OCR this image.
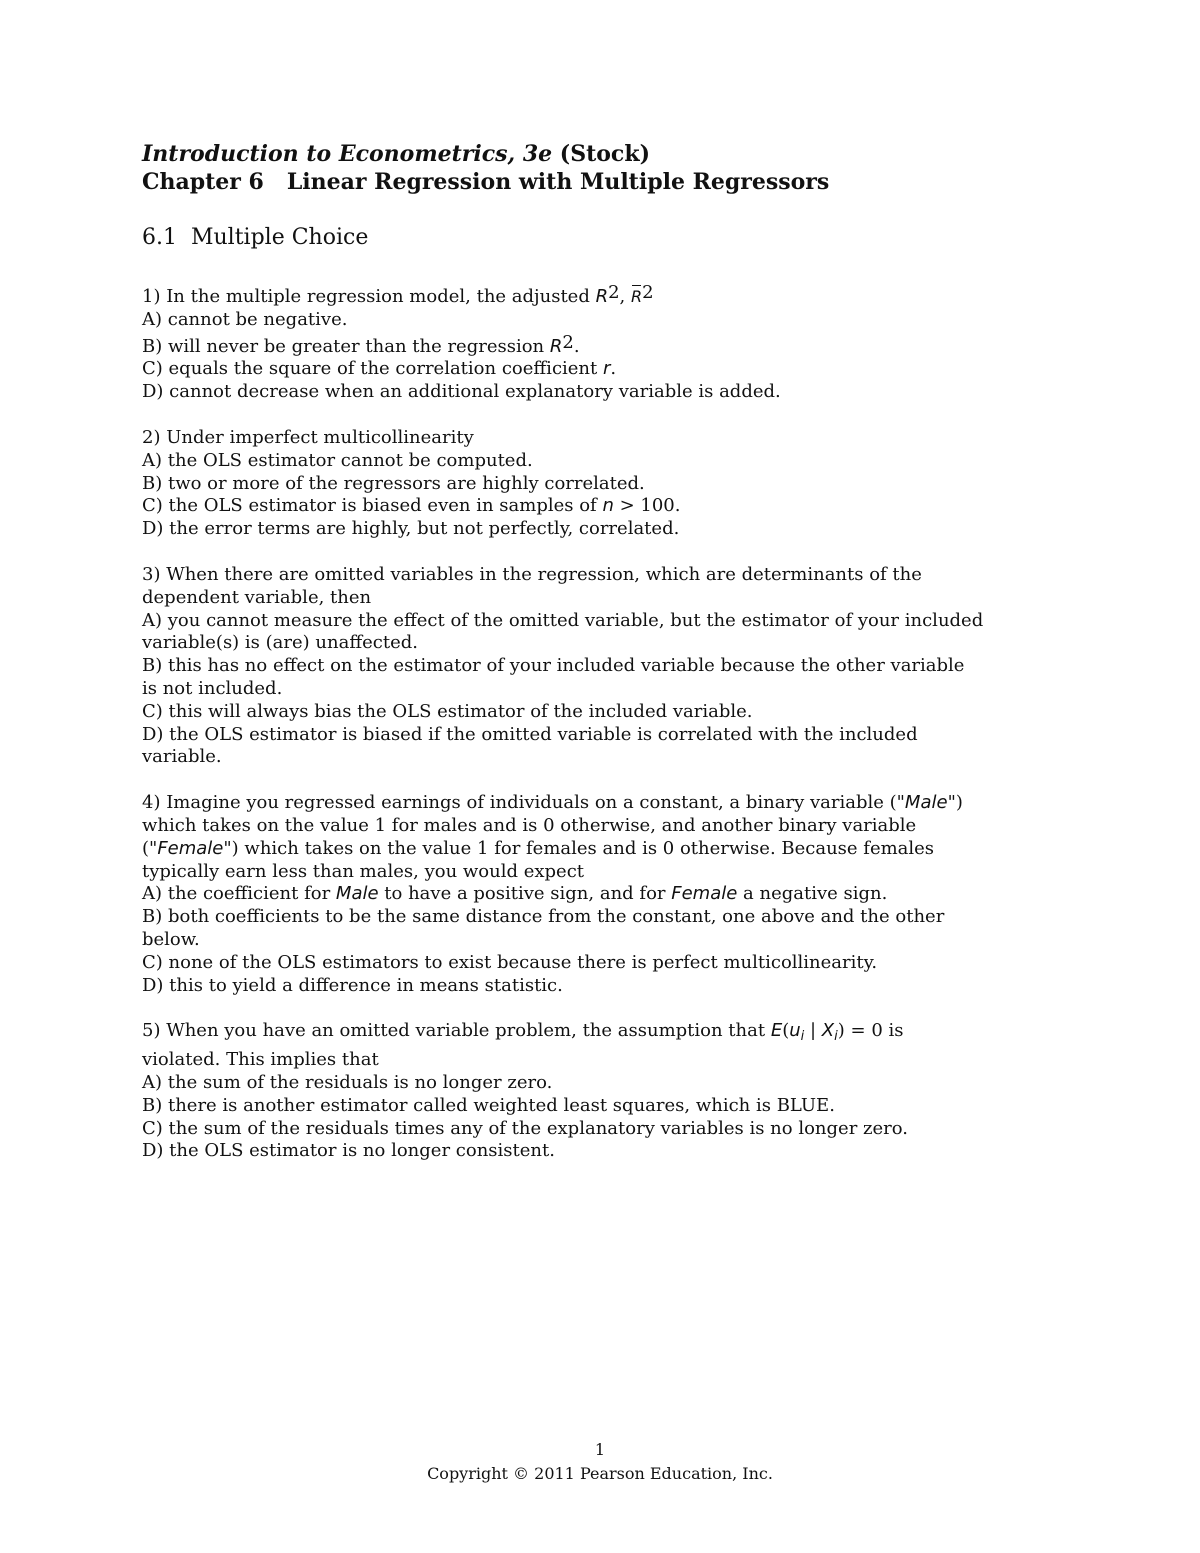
Introduction to Econometrics, 3e (Stock)

Chapter 6   Linear Regression with Multiple Regressors

6.1  Multiple Choice

1) In the multiple regression model, the adjusted R2,
R2

A) cannot be negative.

B) will never be greater than the regression R2.

C) equals the square of the correlation coefficient r.

D) cannot decrease when an additional explanatory variable is added.

2) Under imperfect multicollinearity

A) the OLS estimator cannot be computed.

B) two or more of the regressors are highly correlated.

C) the OLS estimator is biased even in samples of n > 100.

D) the error terms are highly, but not perfectly, correlated.

3) When there are omitted variables in the regression, which are determinants of the

dependent variable, then

A) you cannot measure the effect of the omitted variable, but the estimator of your included

variable(s) is (are) unaffected.

B) this has no effect on the estimator of your included variable because the other variable

is not included.

C) this will always bias the OLS estimator of the included variable.

D) the OLS estimator is biased if the omitted variable is correlated with the included

variable.

4) Imagine you regressed earnings of individuals on a constant, a binary variable ("Male")

which takes on the value 1 for males and is 0 otherwise, and another binary variable

("Female") which takes on the value 1 for females and is 0 otherwise. Because females

typically earn less than males, you would expect

A) the coefficient for Male to have a positive sign, and for Female a negative sign.

B) both coefficients to be the same distance from the constant, one above and the other

below.

C) none of the OLS estimators to exist because there is perfect multicollinearity.

D) this to yield a difference in means statistic.

5) When you have an omitted variable problem, the assumption that $E(u_i$ | $X_i) = 0$ is

violated. This implies that

A) the sum of the residuals is no longer zero.

B) there is another estimator called weighted least squares, which is BLUE.

C) the sum of the residuals times any of the explanatory variables is no longer zero.

D) the OLS estimator is no longer consistent.

1
Copyright © 2011 Pearson Education, Inc.
